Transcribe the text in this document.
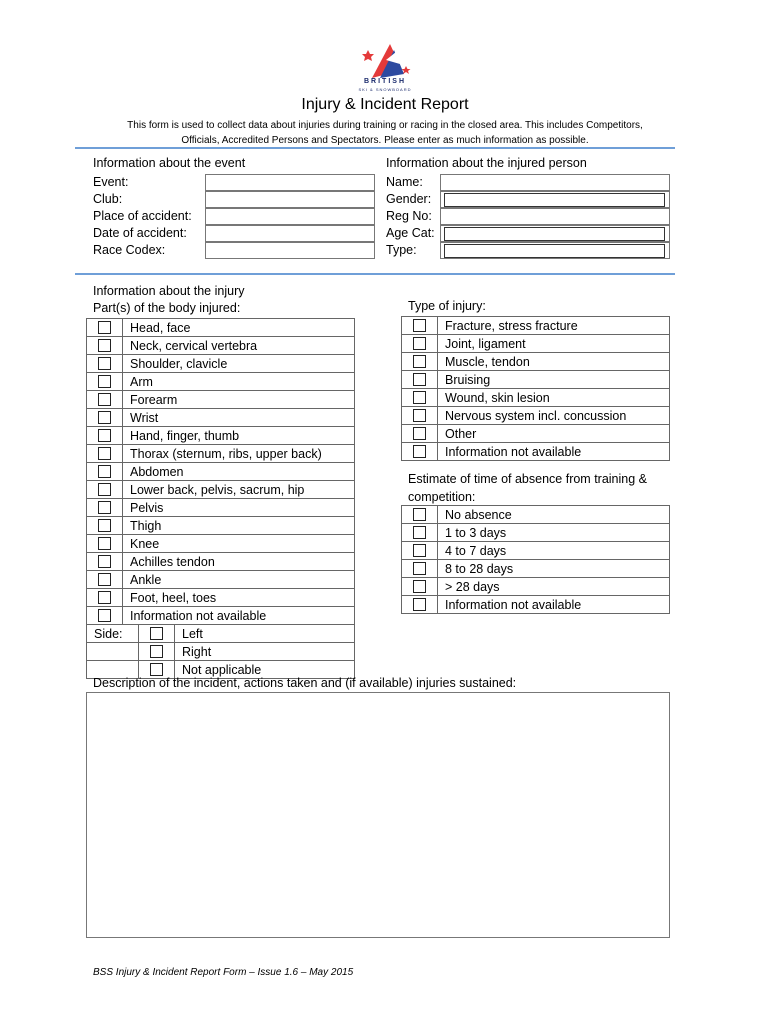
BRITISH
SKI & SNOWBOARD
Injury & Incident Report
This form is used to collect data about injuries during training or racing in the closed area. This includes Competitors,
Officials, Accredited Persons and Spectators. Please enter as much information as possible.
Information about the event
Event:
Club:
Place of accident:
Date of accident:
Race Codex:
Information about the injured person
Name:
Gender:
Reg No:
Age Cat:
Type:
Information about the injury
Part(s) of the body injured:
	Head, face
	Neck, cervical vertebra
	Shoulder, clavicle
	Arm
	Forearm
	Wrist
	Hand, finger, thumb
	Thorax (sternum, ribs, upper back)
	Abdomen
	Lower back, pelvis, sacrum, hip
	Pelvis
	Thigh
	Knee
	Achilles tendon
	Ankle
	Foot, heel, toes
	Information not available
Type of injury:
	Fracture, stress fracture
	Joint, ligament
	Muscle, tendon
	Bruising
	Wound, skin lesion
	Nervous system incl. concussion
	Other
	Information not available
Estimate of time of absence from training &
competition:
	No absence
	1 to 3 days
	4 to 7 days
	8 to 28 days
	> 28 days
	Information not available
Side:		Left
		Right
		Not applicable
Description of the incident, actions taken and (if available) injuries sustained:
BSS Injury & Incident Report Form – Issue 1.6 – May 2015
